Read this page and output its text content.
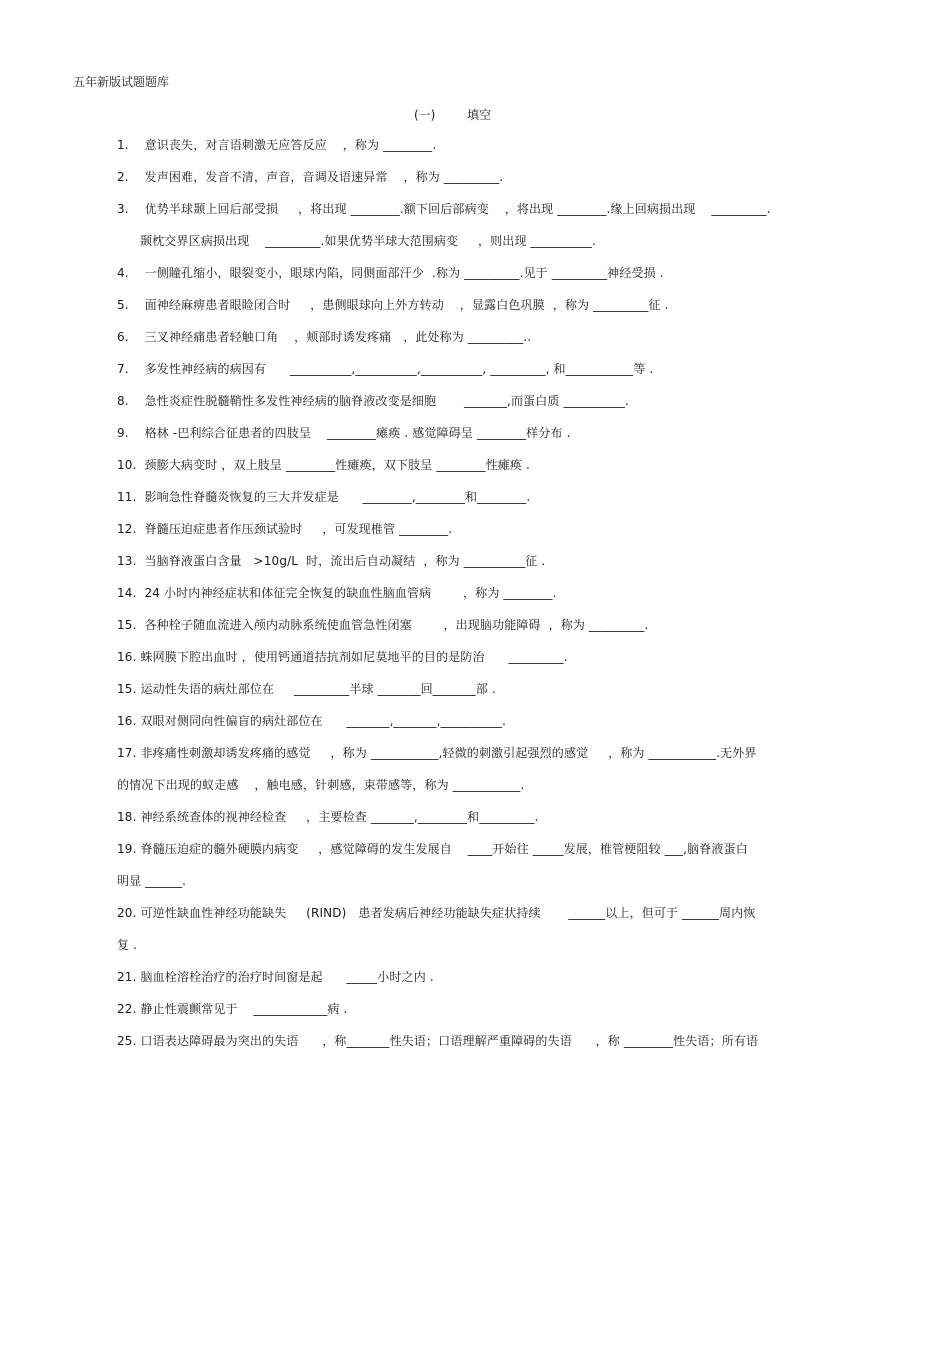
五年新版试题题库
(一) 填空
1.    意识丧失，对言语刺激无应答反应    ，称为 ________.
2.    发声困难，发音不清，声音，音调及语速异常    ，称为 _________.
3.    优势半球颞上回后部受损     ，将出现 ________.额下回后部病变    ，将出现 ________.缘上回病损出现    _________.
颞枕交界区病损出现    _________.如果优势半球大范围病变     ，则出现 __________.
4.    一侧瞳孔缩小，眼裂变小，眼球内陷，同侧面部汗少  .称为 _________.见于 _________神经受损 .
5.    面神经麻痹患者眼睑闭合时     ，患侧眼球向上外方转动    ，显露白色巩膜  ，称为 _________征 .
6.    三叉神经痛患者轻触口角    ，颊部时诱发疼痛   ，此处称为 _________..
7.    多发性神经病的病因有      __________,__________,__________, _________, 和___________等 .
8.    急性炎症性脱髓鞘性多发性神经病的脑脊液改变是细胞       _______,而蛋白质 __________.
9.    格林 -巴利综合征患者的四肢呈    ________瘫痪 . 感觉障碍呈 ________样分布 .
10.  颈膨大病变时 ，双上肢呈 ________性瘫痪，双下肢呈 ________性瘫痪 .
11.  影响急性脊髓炎恢复的三大并发症是      ________,________和________.
12.  脊髓压迫症患者作压颈试验时     ，可发现椎管 ________.
13.  当脑脊液蛋白含量   >10g/L  时，流出后自动凝结  ，称为 __________征 .
14.  24 小时内神经症状和体征完全恢复的缺血性脑血管病        ，称为 ________.
15.  各种栓子随血流进入颅内动脉系统使血管急性闭塞        ，出现脑功能障碍  ，称为 _________.
16. 蛛网膜下腔出血时 ，使用钙通道拮抗剂如尼莫地平的目的是防治      _________.
15. 运动性失语的病灶部位在     _________半球 _______回_______部 .
16. 双眼对侧同向性偏盲的病灶部位在      _______,_______,__________.
17. 非疼痛性刺激却诱发疼痛的感觉     ，称为 ___________,轻微的刺激引起强烈的感觉     ，称为 ___________.无外界
的情况下出现的蚁走感    ，触电感，针刺感，束带感等，称为 ___________.
18. 神经系统查体的视神经检查     ，主要检查 _______,________和_________.
19. 脊髓压迫症的髓外硬膜内病变     ，感觉障碍的发生发展自    ____开始往 _____发展，椎管梗阻较 ___,脑脊液蛋白
明显 ______.
20. 可逆性缺血性神经功能缺失     (RIND)   患者发病后神经功能缺失症状持续       ______以上，但可于 ______周内恢
复 .
21. 脑血栓溶栓治疗的治疗时间窗是起      _____小时之内 .
22. 静止性震颤常见于    ____________病 .
25. 口语表达障碍最为突出的失语      ，称_______性失语；口语理解严重障碍的失语      ，称 ________性失语；所有语
